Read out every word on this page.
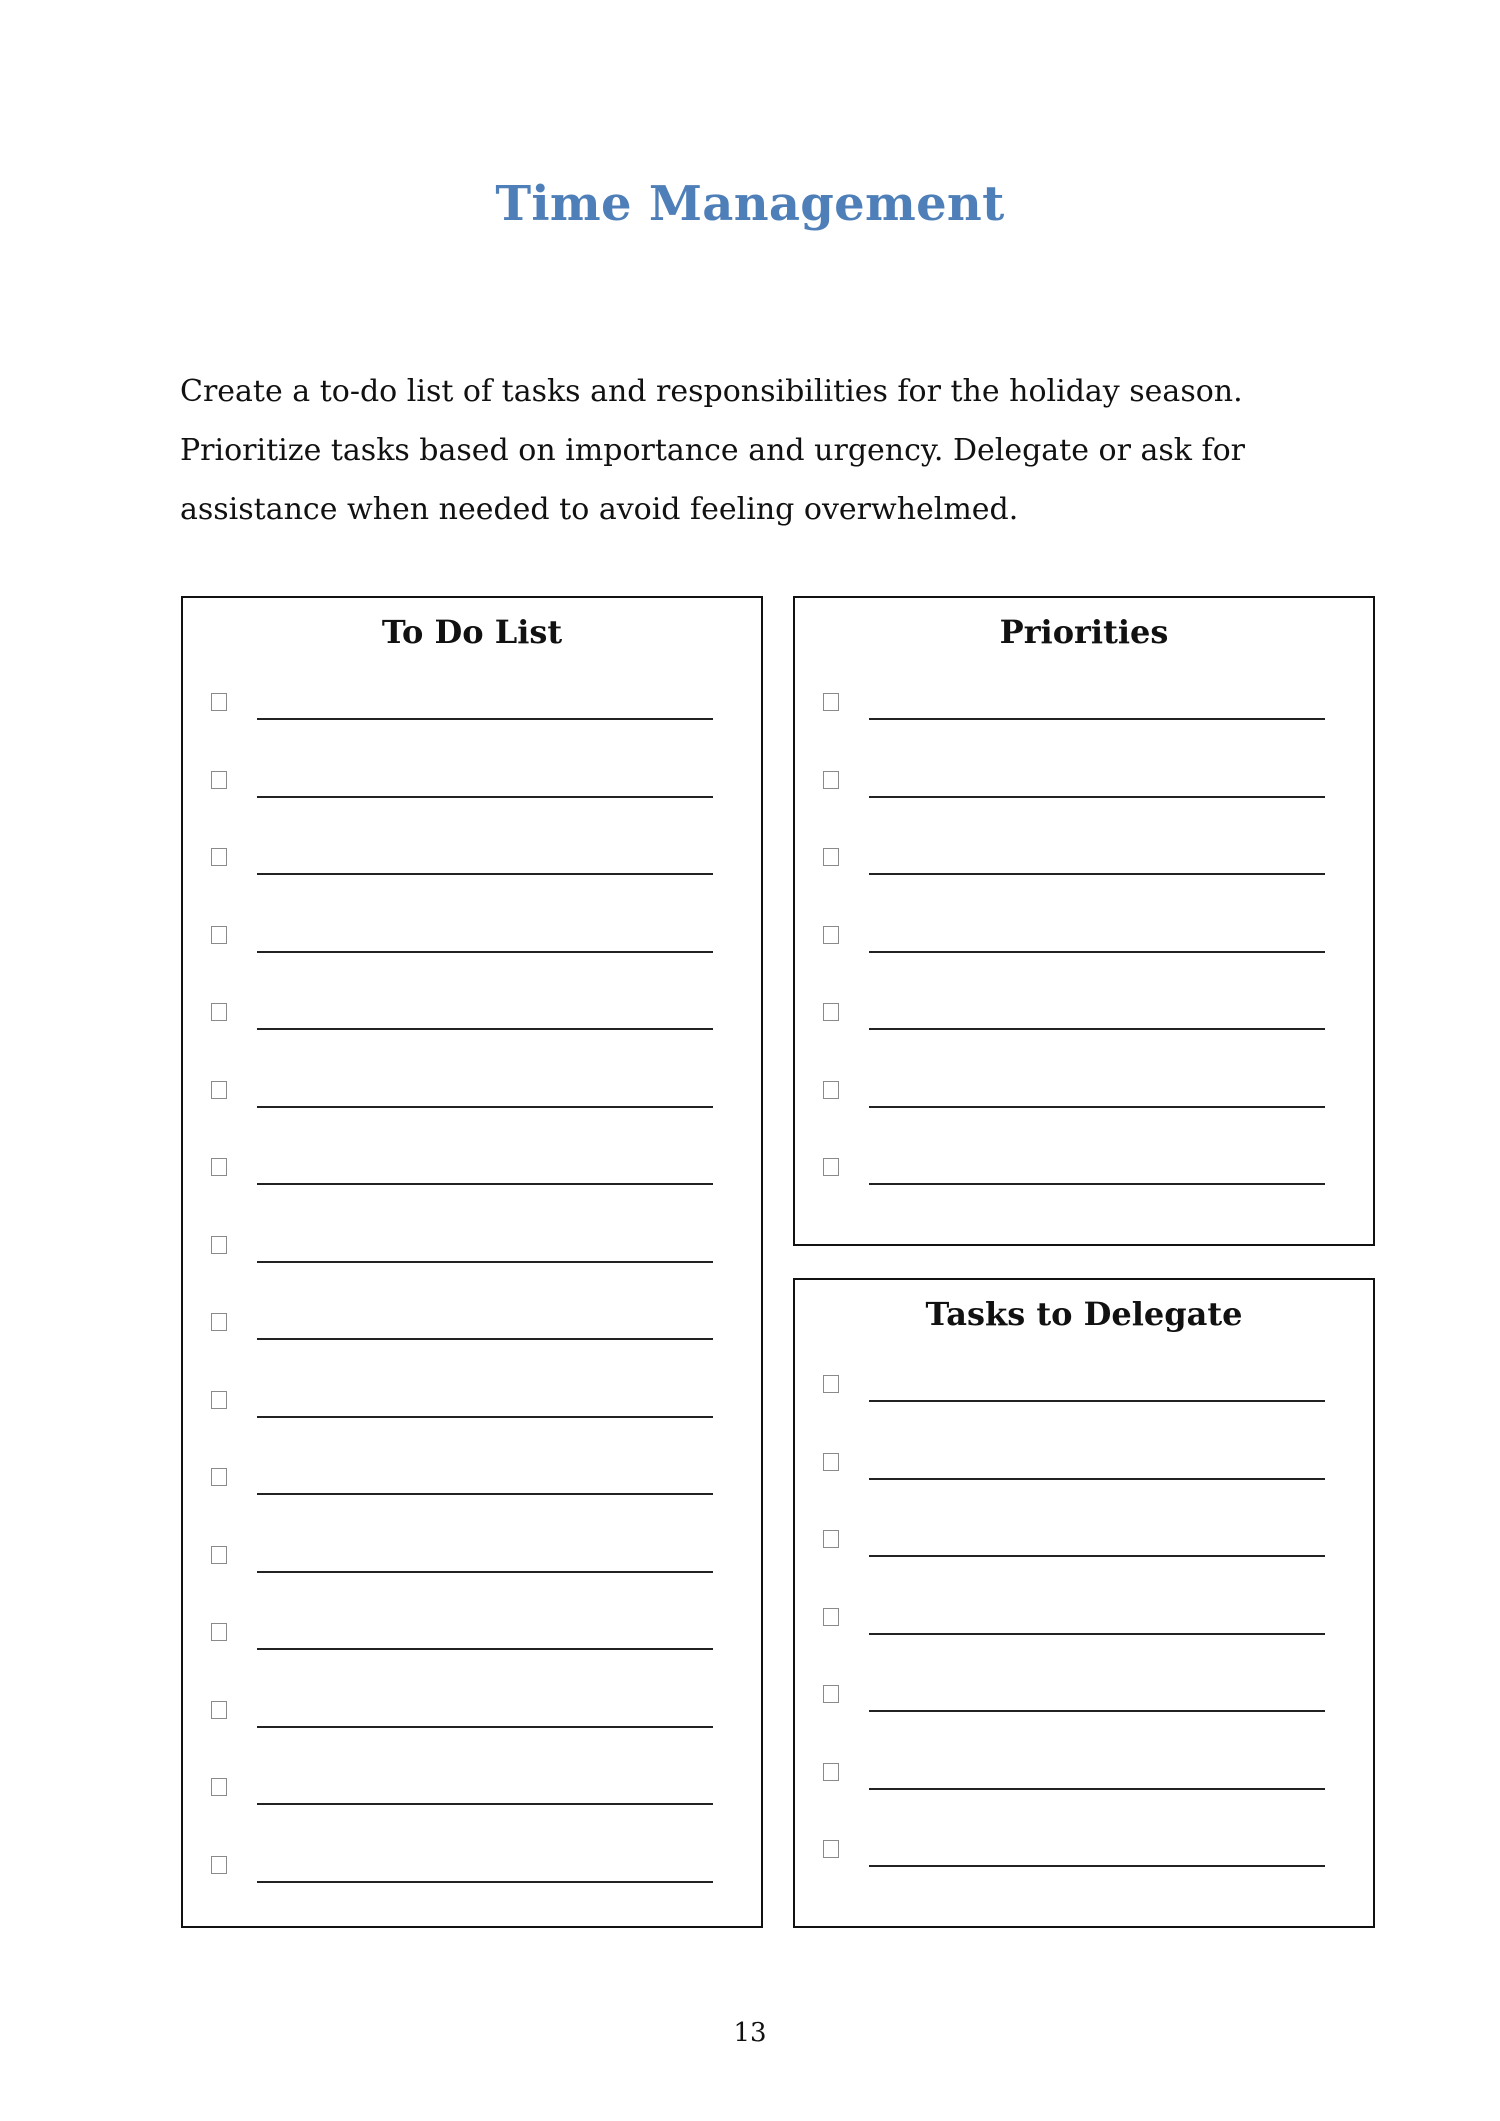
Time Management

Create a to-do list of tasks and responsibilities for the holiday season.

Prioritize tasks based on importance and urgency. Delegate or ask for

assistance when needed to avoid feeling overwhelmed.

To Do List	Priorities
Tasks to Delegate
13
